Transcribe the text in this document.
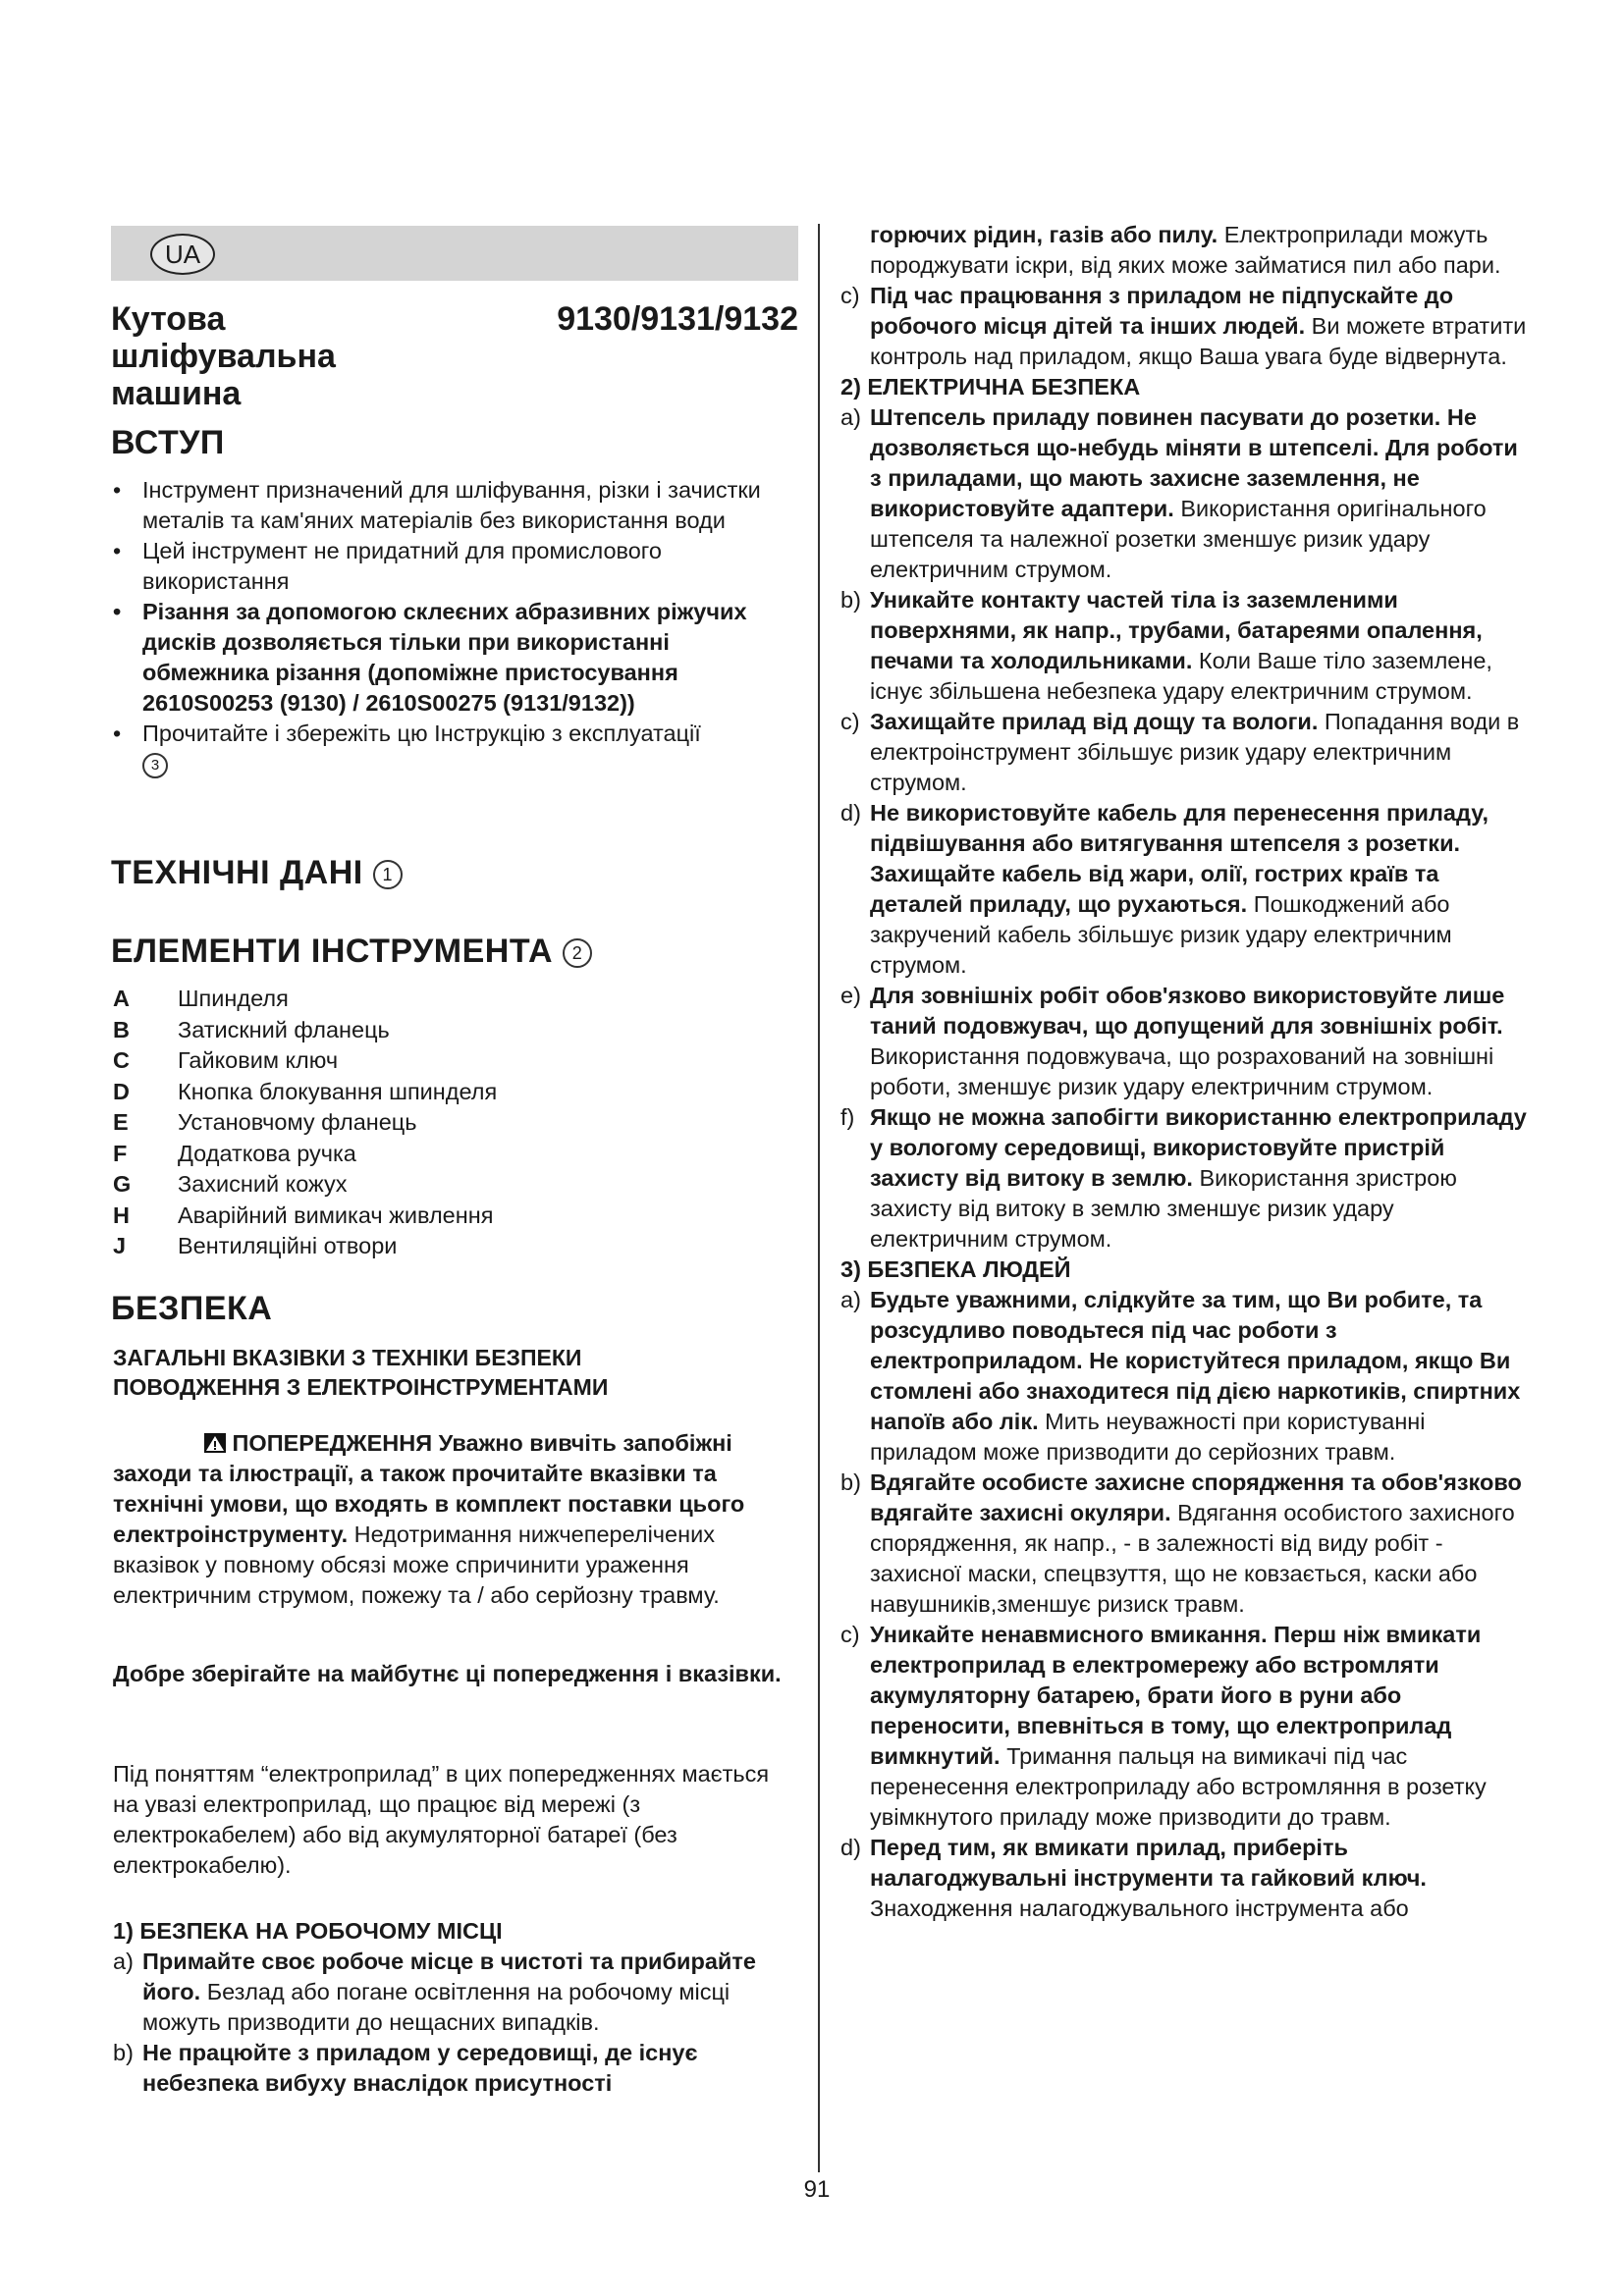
UA
Кутова шліфувальна машина
9130/9131/9132
ВСТУП
• Інструмент призначений для шліфування, різки і зачистки металів та кам'яних матеріалів без використання води
• Цей інструмент не придатний для промислового використання
• Різання за допомогою склеєних абразивних ріжучих дисків дозволяється тільки при використанні обмежника різання (допоміжне пристосування 2610S00253 (9130) / 2610S00275 (9131/9132))
• Прочитайте і збережіть цю Інструкцію з експлуатації
3
ТЕХНІЧНІ ДАНІ 1
ЕЛЕМЕНТИ ІНСТРУМЕНТА 2
A	Шпинделя
B	Затискний фланець
C	Гайковим ключ
D	Кнопка блокування шпинделя
E	Установчому фланець
F	Додаткова ручка
G	Захисний кожух
H	Аварійний вимикач живлення
J	Вентиляційні отвори
БЕЗПЕКА
ЗАГАЛЬНІ ВКАЗІВКИ З ТЕХНІКИ БЕЗПЕКИ ПОВОДЖЕННЯ З ЕЛЕКТРОІНСТРУМЕНТАМИ
ПОПЕРЕДЖЕННЯ Уважно вивчіть запобіжні заходи та ілюстрації, а також прочитайте вказівки та технічні умови, що входять в комплект поставки цього електроінструменту. Недотримання нижчеперелічених вказівок у повному обсязі може спричинити ураження електричним струмом, пожежу та / або серйозну травму.
Добре зберігайте на майбутнє ці попередження і вказівки.
Під поняттям “електроприлад” в цих попередженнях мається на увазі електроприлад, що працює від мережі (з електрокабелем) або від акумуляторної батареї (без електрокабелю).
1) БЕЗПЕКА НА РОБОЧОМУ МІСЦІ
a) Примайте своє робоче місце в чистоті та прибирайте його. Безлад або погане освітлення на робочому місці можуть призводити до нещасних випадків.
b) Не працюйте з приладом у середовищі, де існує небезпека вибуху внаслідок присутності
горючих рідин, газів або пилу. Електроприлади можуть породжувати іскри, від яких може займатися пил або пари.
c) Під час працювання з приладом не підпускайте до робочого місця дітей та інших людей. Ви можете втратити контроль над приладом, якщо Ваша увага буде відвернута.
2) ЕЛЕКТРИЧНА БЕЗПЕКА
a) Штепсель приладу повинен пасувати до розетки. Не дозволяється що-небудь міняти в штепселі. Для роботи з приладами, що мають захисне заземлення, не використовуйте адаптери. Використання оригінального штепселя та належної розетки зменшує ризик удару електричним струмом.
b) Уникайте контакту частей тіла із заземленими поверхнями, як напр., трубами, батареями опалення, печами та холодильниками. Коли Ваше тіло заземлене, існує збільшена небезпека удару електричним струмом.
c) Захищайте прилад від дощу та вологи. Попадання води в електроінструмент збільшує ризик удару електричним струмом.
d) Не використовуйте кабель для перенесення приладу, підвішування або витягування штепселя з розетки. Захищайте кабель від жари, олії, гострих країв та деталей приладу, що рухаються. Пошкоджений або закручений кабель збільшує ризик удару електричним струмом.
e) Для зовнішніх робіт обов'язково використовуйте лише таний подовжувач, що допущений для зовнішніх робіт. Використання подовжувача, що розрахований на зовнішні роботи, зменшує ризик удару електричним струмом.
f) Якщо не можна запобігти використанню електроприладу у вологому середовищі, використовуйте пристрій захисту від витоку в землю. Використання зристрою захисту від витоку в землю зменшує ризик удару електричним струмом.
3) БЕЗПЕКА ЛЮДЕЙ
a) Будьте уважними, слідкуйте за тим, що Ви робите, та розсудливо поводьтеся під час роботи з електроприладом. Не користуйтеся приладом, якщо Ви стомлені або знаходитеся під дією наркотиків, спиртних напоїв або лік. Мить неуважності при користуванні приладом може призводити до серйозних травм.
b) Вдягайте особисте захисне спорядження та обов'язково вдягайте захисні окуляри. Вдягання особистого захисного спорядження, як напр., - в залежності від виду робіт - захисної маски, спецвзуття, що не ковзається, каски або навушників,зменшує ризиск травм.
c) Уникайте ненавмисного вмикання. Перш ніж вмикати електроприлад в електромережу або встромляти акумуляторну батарею, брати його в руни або переносити, впевніться в тому, що електроприлад вимкнутий. Тримання пальця на вимикачі під час перенесення електроприладу або встромляння в розетку увімкнутого приладу може призводити до травм.
d) Перед тим, як вмикати прилад, приберіть налагоджувальні інструменти та гайковий ключ. Знаходження налагоджувального інструмента або
91
